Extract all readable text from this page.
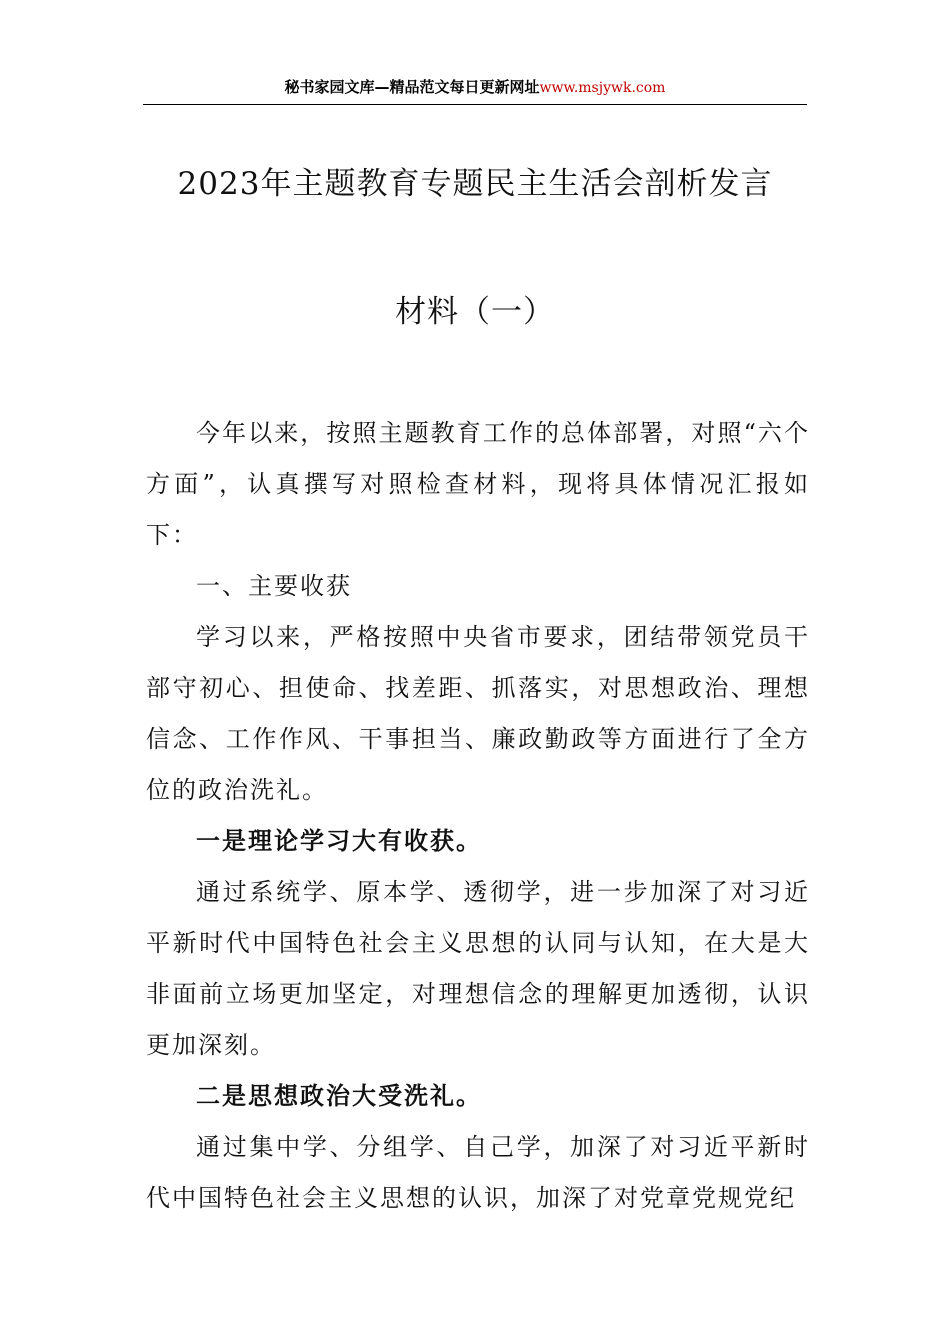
秘书家园文库—精品范文每日更新网址www.msjywk.com
2023年主题教育专题民主生活会剖析发言
材料（一）

今年以来，按照主题教育工作的总体部署，对照“六个方面”，认真撰写对照检查材料，现将具体情况汇报如下：

一、主要收获

学习以来，严格按照中央省市要求，团结带领党员干部守初心、担使命、找差距、抓落实，对思想政治、理想信念、工作作风、干事担当、廉政勤政等方面进行了全方位的政治洗礼。

一是理论学习大有收获。

通过系统学、原本学、透彻学，进一步加深了对习近平新时代中国特色社会主义思想的认同与认知，在大是大非面前立场更加坚定，对理想信念的理解更加透彻，认识更加深刻。

二是思想政治大受洗礼。

通过集中学、分组学、自己学，加深了对习近平新时代中国特色社会主义思想的认识，加深了对党章党规党纪
